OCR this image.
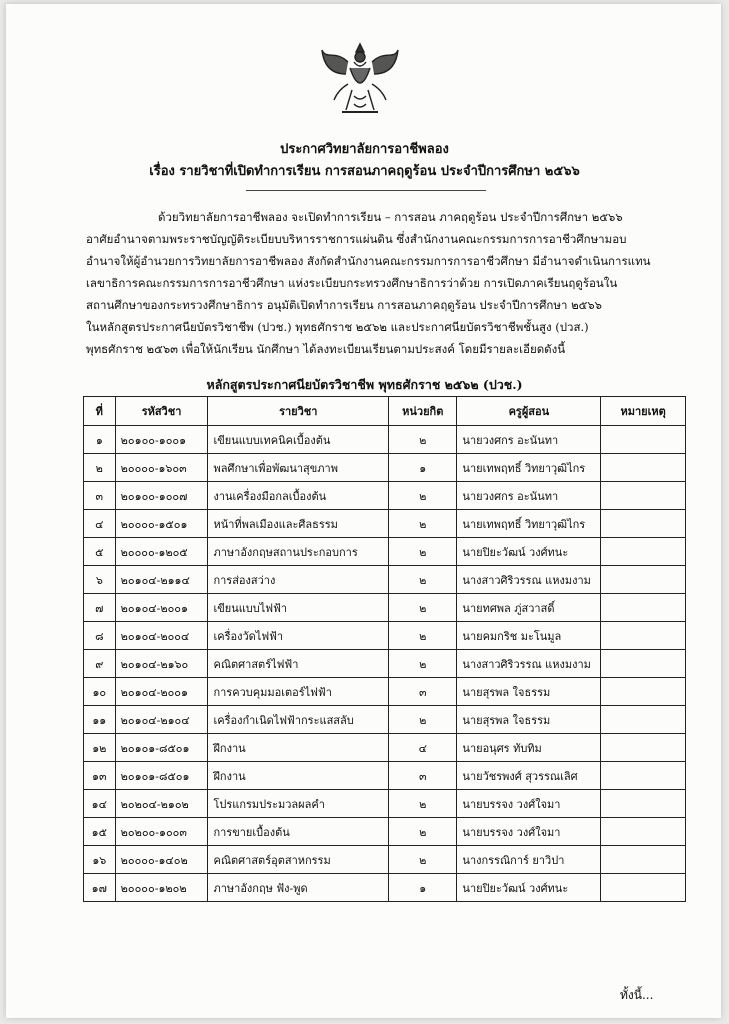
ประกาศวิทยาลัยการอาชีพลอง
เรื่อง รายวิชาที่เปิดทำการเรียน การสอนภาคฤดูร้อน ประจำปีการศึกษา ๒๕๖๖
ด้วยวิทยาลัยการอาชีพลอง จะเปิดทำการเรียน – การสอน ภาคฤดูร้อน ประจำปีการศึกษา ๒๕๖๖
อาศัยอำนาจตามพระราชบัญญัติระเบียบบริหารราชการแผ่นดิน ซึ่งสำนักงานคณะกรรมการการอาชีวศึกษามอบ
อำนาจให้ผู้อำนวยการวิทยาลัยการอาชีพลอง สังกัดสำนักงานคณะกรรมการการอาชีวศึกษา มีอำนาจดำเนินการแทน
เลขาธิการคณะกรรมการการอาชีวศึกษา แห่งระเบียบกระทรวงศึกษาธิการว่าด้วย การเปิดภาคเรียนฤดูร้อนใน
สถานศึกษาของกระทรวงศึกษาธิการ อนุมัติเปิดทำการเรียน การสอนภาคฤดูร้อน ประจำปีการศึกษา ๒๕๖๖
ในหลักสูตรประกาศนียบัตรวิชาชีพ (ปวช.) พุทธศักราช ๒๕๖๒ และประกาศนียบัตรวิชาชีพชั้นสูง (ปวส.)
พุทธศักราช ๒๕๖๓ เพื่อให้นักเรียน นักศึกษา ได้ลงทะเบียนเรียนตามประสงค์ โดยมีรายละเอียดดังนี้
หลักสูตรประกาศนียบัตรวิชาชีพ พุทธศักราช ๒๕๖๒ (ปวช.)
ที่	รหัสวิชา	รายวิชา	หน่วยกิต	ครูผู้สอน	หมายเหตุ
๑	๒๐๑๐๐-๑๐๐๑	เขียนแบบเทคนิคเบื้องต้น	๒	นายวงศกร อะนันทา	
๒	๒๐๐๐๐-๑๖๐๓	พลศึกษาเพื่อพัฒนาสุขภาพ	๑	นายเทพฤทธิ์ วิทยาวุฒิไกร	
๓	๒๐๑๐๐-๑๐๐๗	งานเครื่องมือกลเบื้องต้น	๒	นายวงศกร อะนันทา	
๔	๒๐๐๐๐-๑๕๐๑	หน้าที่พลเมืองและศีลธรรม	๒	นายเทพฤทธิ์ วิทยาวุฒิไกร	
๕	๒๐๐๐๐-๑๒๐๕	ภาษาอังกฤษสถานประกอบการ	๒	นายปิยะวัฒน์ วงศ์ทนะ	
๖	๒๐๑๐๔-๒๑๑๔	การส่องสว่าง	๒	นางสาวศิริวรรณ แหงมงาม	
๗	๒๐๑๐๔-๒๐๐๑	เขียนแบบไฟฟ้า	๒	นายทศพล ภู่สวาสดิ์	
๘	๒๐๑๐๔-๒๐๐๔	เครื่องวัดไฟฟ้า	๒	นายคมกริช มะโนมูล	
๙	๒๐๑๐๔-๒๑๖๐	คณิตศาสตร์ไฟฟ้า	๒	นางสาวศิริวรรณ แหงมงาม	
๑๐	๒๐๑๐๔-๒๐๐๑	การควบคุมมอเตอร์ไฟฟ้า	๓	นายสุรพล ใจธรรม	
๑๑	๒๐๑๐๔-๒๑๐๔	เครื่องกำเนิดไฟฟ้ากระแสสลับ	๒	นายสุรพล ใจธรรม	
๑๒	๒๐๑๐๑-๘๕๐๑	ฝึกงาน	๔	นายอนุศร ทับทิม	
๑๓	๒๐๑๐๑-๘๕๐๑	ฝึกงาน	๓	นายวัชรพงศ์ สุวรรณเลิศ	
๑๔	๒๐๒๐๔-๒๑๐๒	โปรแกรมประมวลผลคำ	๒	นายบรรจง วงศ์ใจมา	
๑๕	๒๐๒๐๐-๑๐๐๓	การขายเบื้องต้น	๒	นายบรรจง วงศ์ใจมา	
๑๖	๒๐๐๐๐-๑๔๐๒	คณิตศาสตร์อุตสาหกรรม	๒	นางกรรณิการ์ ยาวิปา	
๑๗	๒๐๐๐๐-๑๒๐๒	ภาษาอังกฤษ ฟัง-พูด	๑	นายปิยะวัฒน์ วงศ์ทนะ	
ทั้งนี้...
